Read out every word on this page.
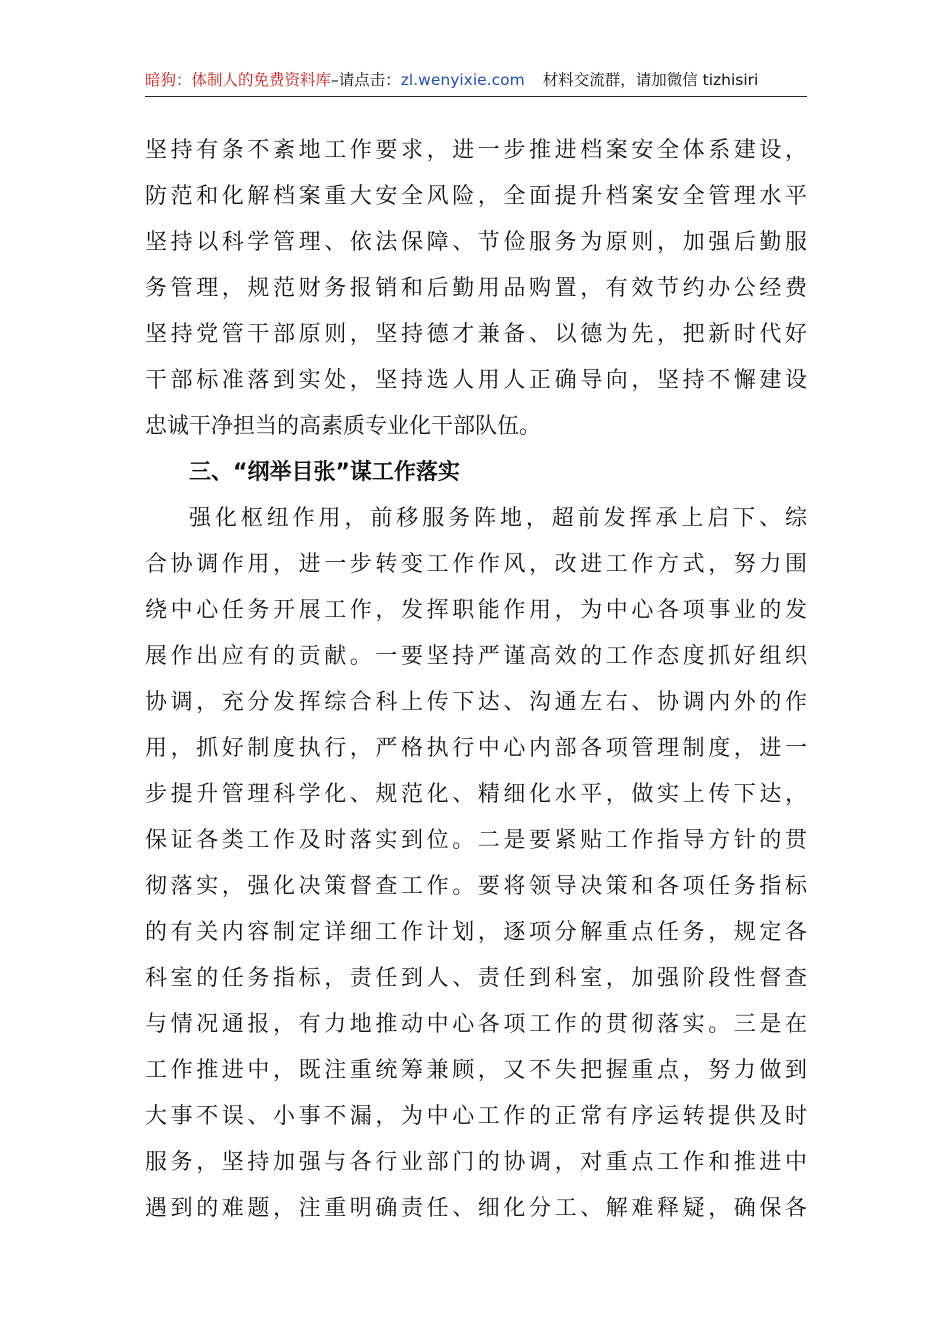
暗狗：体制人的免费资料库–请点击：zl.wenyixie.com 材料交流群，请加微信 tizhisiri
坚持有条不紊地工作要求，进一步推进档案安全体系建设，
防范和化解档案重大安全风险，全面提升档案安全管理水平
坚持以科学管理、依法保障、节俭服务为原则，加强后勤服
务管理，规范财务报销和后勤用品购置，有效节约办公经费
坚持党管干部原则，坚持德才兼备、以德为先，把新时代好
干部标准落到实处，坚持选人用人正确导向，坚持不懈建设
忠诚干净担当的高素质专业化干部队伍。
三、“纲举目张”谋工作落实
强化枢纽作用，前移服务阵地，超前发挥承上启下、综
合协调作用，进一步转变工作作风，改进工作方式，努力围
绕中心任务开展工作，发挥职能作用，为中心各项事业的发
展作出应有的贡献。一要坚持严谨高效的工作态度抓好组织
协调，充分发挥综合科上传下达、沟通左右、协调内外的作
用，抓好制度执行，严格执行中心内部各项管理制度，进一
步提升管理科学化、规范化、精细化水平，做实上传下达，
保证各类工作及时落实到位。二是要紧贴工作指导方针的贯
彻落实，强化决策督查工作。要将领导决策和各项任务指标
的有关内容制定详细工作计划，逐项分解重点任务，规定各
科室的任务指标，责任到人、责任到科室，加强阶段性督查
与情况通报，有力地推动中心各项工作的贯彻落实。三是在
工作推进中，既注重统筹兼顾，又不失把握重点，努力做到
大事不误、小事不漏，为中心工作的正常有序运转提供及时
服务，坚持加强与各行业部门的协调，对重点工作和推进中
遇到的难题，注重明确责任、细化分工、解难释疑，确保各
